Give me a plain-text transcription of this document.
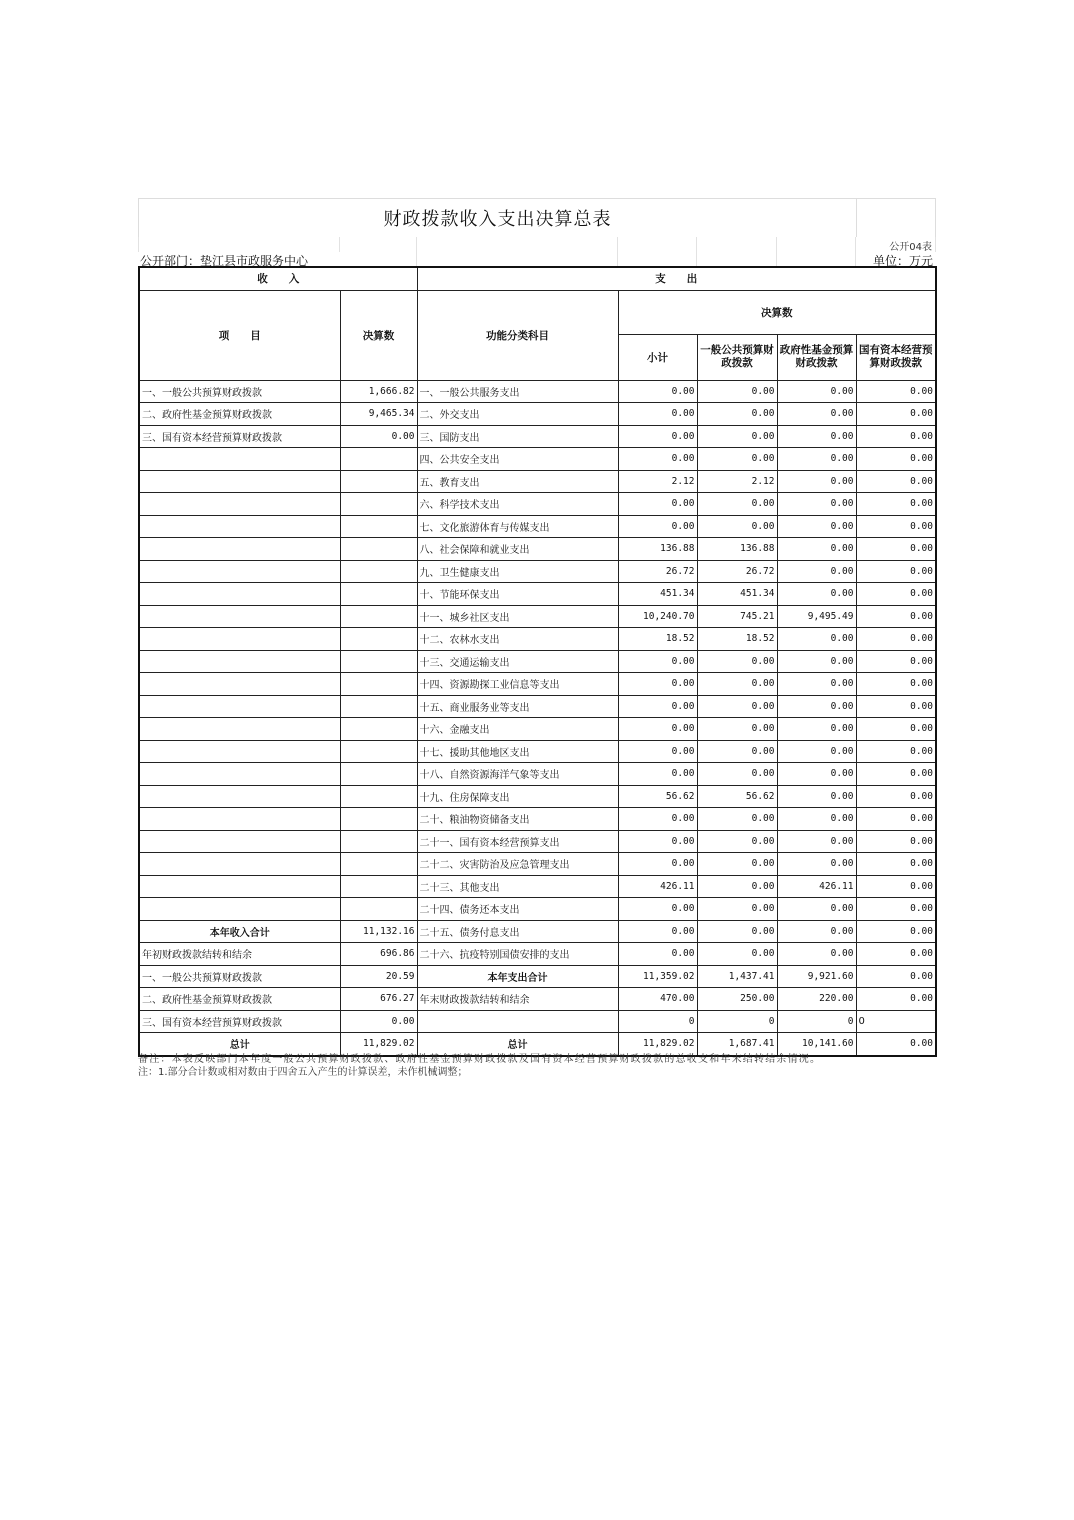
财政拨款收入支出决算总表
公开04表
公开部门：垫江县市政服务中心	单位：万元
收　　入		支　　出				
项　　目	决算数	功能分类科目	决算数			
			小计	一般公共预算财政拨款	政府性基金预算财政拨款	国有资本经营预算财政拨款
一、一般公共预算财政拨款	1,666.82	一、一般公共服务支出	0.00	0.00	0.00	0.00
二、政府性基金预算财政拨款	9,465.34	二、外交支出	0.00	0.00	0.00	0.00
三、国有资本经营预算财政拨款	0.00	三、国防支出	0.00	0.00	0.00	0.00
		四、公共安全支出	0.00	0.00	0.00	0.00
		五、教育支出	2.12	2.12	0.00	0.00
		六、科学技术支出	0.00	0.00	0.00	0.00
		七、文化旅游体育与传媒支出	0.00	0.00	0.00	0.00
		八、社会保障和就业支出	136.88	136.88	0.00	0.00
		九、卫生健康支出	26.72	26.72	0.00	0.00
		十、节能环保支出	451.34	451.34	0.00	0.00
		十一、城乡社区支出	10,240.70	745.21	9,495.49	0.00
		十二、农林水支出	18.52	18.52	0.00	0.00
		十三、交通运输支出	0.00	0.00	0.00	0.00
		十四、资源勘探工业信息等支出	0.00	0.00	0.00	0.00
		十五、商业服务业等支出	0.00	0.00	0.00	0.00
		十六、金融支出	0.00	0.00	0.00	0.00
		十七、援助其他地区支出	0.00	0.00	0.00	0.00
		十八、自然资源海洋气象等支出	0.00	0.00	0.00	0.00
		十九、住房保障支出	56.62	56.62	0.00	0.00
		二十、粮油物资储备支出	0.00	0.00	0.00	0.00
		二十一、国有资本经营预算支出	0.00	0.00	0.00	0.00
		二十二、灾害防治及应急管理支出	0.00	0.00	0.00	0.00
		二十三、其他支出	426.11	0.00	426.11	0.00
		二十四、债务还本支出	0.00	0.00	0.00	0.00
本年收入合计	11,132.16	二十五、债务付息支出	0.00	0.00	0.00	0.00
年初财政拨款结转和结余	696.86	二十六、抗疫特别国债安排的支出	0.00	0.00	0.00	0.00
一、一般公共预算财政拨款	20.59	本年支出合计	11,359.02	1,437.41	9,921.60	0.00
二、政府性基金预算财政拨款	676.27	年末财政拨款结转和结余	470.00	250.00	220.00	0.00
三、国有资本经营预算财政拨款	0.00		0	0	0	0
总计	11,829.02	总计	11,829.02	1,687.41	10,141.60	0.00
备注：本表反映部门本年度一般公共预算财政拨款、政府性基金预算财政拨款及国有资本经营预算财政拨款的总收支和年末结转结余情况。
注：1.部分合计数或相对数由于四舍五入产生的计算误差，未作机械调整；
